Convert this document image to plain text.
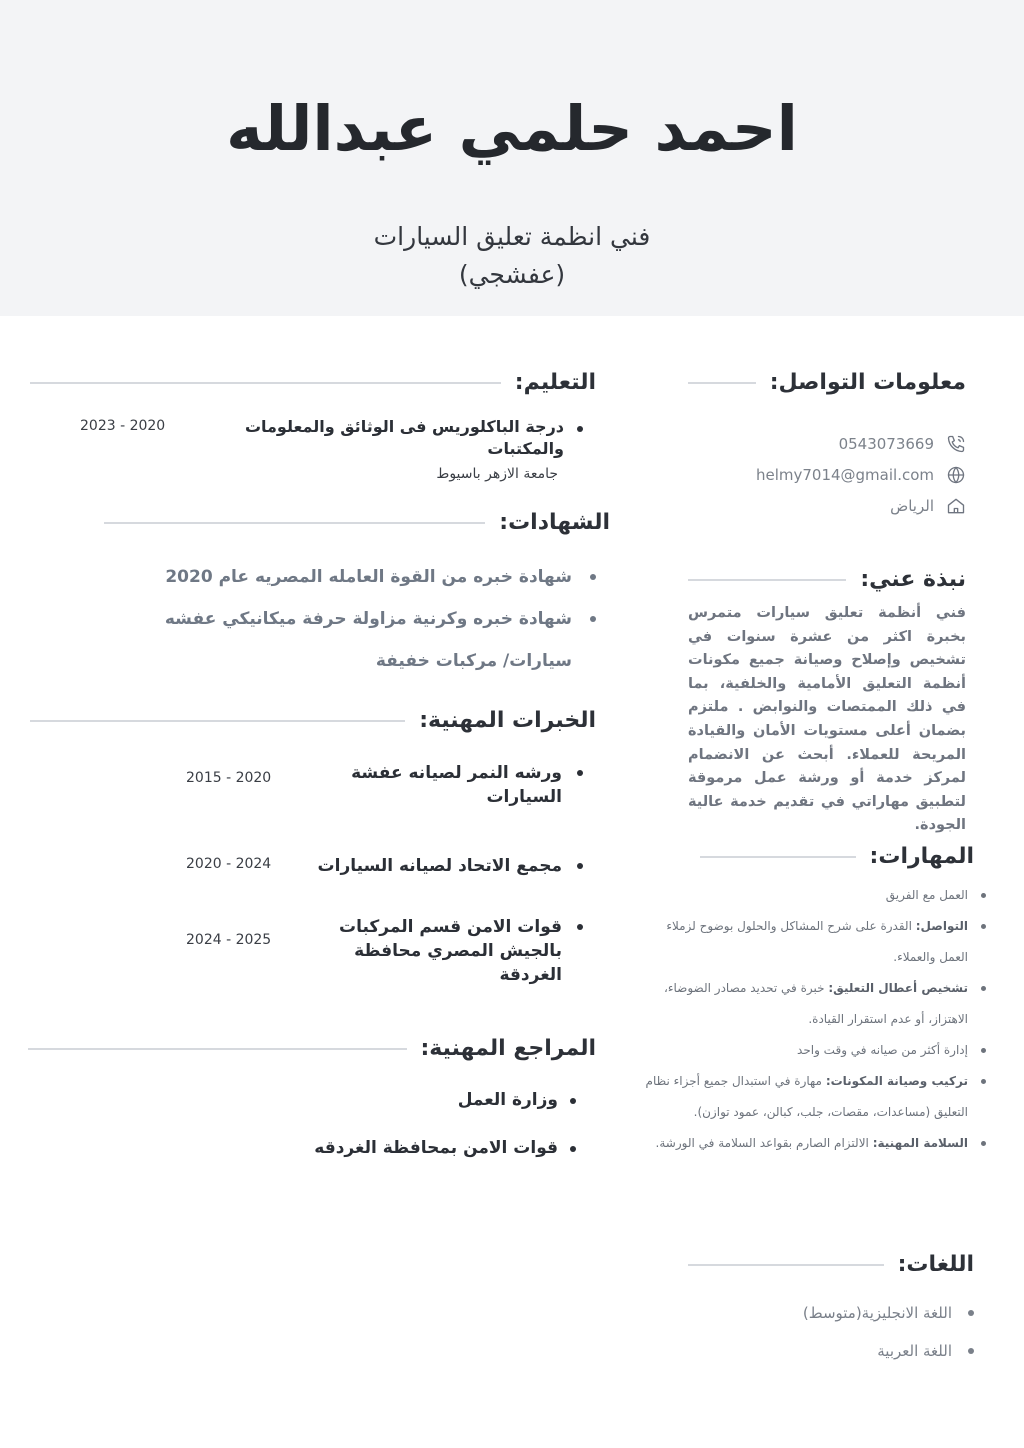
احمد حلمي عبدالله
فني انظمة تعليق السيارات (عفشجي)
معلومات التواصل:
0543073669
helmy7014@gmail.com
الرياض
نبذة عني:
فني أنظمة تعليق سيارات متمرس بخبرة اكثر من عشرة سنوات في تشخيص وإصلاح وصيانة جميع مكونات أنظمة التعليق الأمامية والخلفية، بما في ذلك الممتصات والنوابض . ملتزم بضمان أعلى مستويات الأمان والقيادة المريحة للعملاء. أبحث عن الانضمام لمركز خدمة أو ورشة عمل مرموقة لتطبيق مهاراتي في تقديم خدمة عالية الجودة.
المهارات:
العمل مع الفريق
التواصل: القدرة على شرح المشاكل والحلول بوضوح لزملاء العمل والعملاء.
تشخيص أعطال التعليق: خبرة في تحديد مصادر الضوضاء، الاهتزاز، أو عدم استقرار القيادة.
إدارة أكثر من صيانه في وقت واحد
تركيب وصيانة المكونات: مهارة في استبدال جميع أجزاء نظام التعليق (مساعدات، مقصات، جلب، كبالن، عمود توازن).
السلامة المهنية: الالتزام الصارم بقواعد السلامة في الورشة.
اللغات:
اللغة الانجليزية(متوسط)
اللغة العربية
التعليم:
درجة الباكلوريس فى الوثائق والمعلومات والمكتبات
2023 - 2020
جامعة الازهر باسيوط
الشهادات:
شهادة خبره من القوة العامله المصريه عام 2020
شهادة خبره وكرنية مزاولة حرفة ميكانيكي عفشه سيارات/ مركبات خفيفة
الخبرات المهنية:
ورشه النمر لصيانه عفشة السيارات
2015 - 2020
مجمع الاتحاد لصيانه السيارات
2020 - 2024
قوات الامن قسم المركبات بالجيش المصري محافظة الغردقة
2024 - 2025
المراجع المهنية:
وزارة العمل
قوات الامن بمحافظة الغردقه
